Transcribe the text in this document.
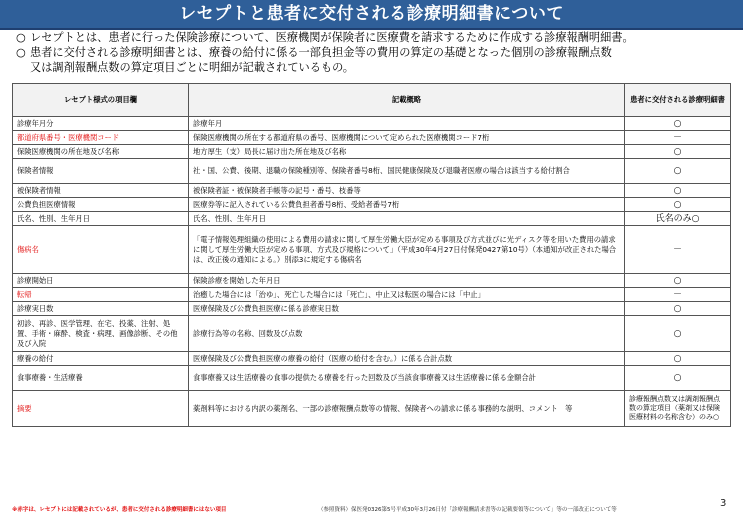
レセプトと患者に交付される診療明細書について
○ レセプトとは、患者に行った保険診療について、医療機関が保険者に医療費を請求するために作成する診療報酬明細書。
○ 患者に交付される診療明細書とは、療養の給付に係る一部負担金等の費用の算定の基礎となった個別の診療報酬点数
又は調剤報酬点数の算定項目ごとに明細が記載されているもの。
レセプト様式の項目欄	記載概略	患者に交付される診療明細書
診療年月分	診療年月	○
都道府県番号・医療機関コード	保険医療機関の所在する都道府県の番号、医療機関について定められた医療機関コード7桁	－
保険医療機関の所在地及び名称	地方厚生（支）局長に届け出た所在地及び名称	○
保険者情報	社・国、公費、後期、退職の保険種別等、保険者番号8桁、国民健康保険及び退職者医療の場合は該当する給付割合	○
被保険者情報	被保険者証・被保険者手帳等の記号・番号、枝番等	○
公費負担医療情報	医療券等に記入されている公費負担者番号8桁、受給者番号7桁	○
氏名、性別、生年月日	氏名、性別、生年月日	氏名のみ○
傷病名	「電子情報処理組織の使用による費用の請求に関して厚生労働大臣が定める事項及び方式並びに光ディスク等を用いた費用の請求に関して厚生労働大臣が定める事項、方式及び規格について」（平成30年4月27日付保発0427第10号）（本通知が改正された場合は、改正後の通知による。）別添3に規定する傷病名	－
診療開始日	保険診療を開始した年月日	○
転帰	治癒した場合には「治ゆ」、死亡した場合には「死亡」、中止又は転医の場合には「中止」	－
診療実日数	医療保険及び公費負担医療に係る診療実日数	○
初診、再診、医学管理、在宅、投薬、注射、処置、手術・麻酔、検査・病理、画像診断、その他及び入院	診療行為等の名称、回数及び点数	○
療養の給付	医療保険及び公費負担医療の療養の給付（医療の給付を含む。）に係る合計点数	○
食事療養・生活療養	食事療養又は生活療養の食事の提供たる療養を行った回数及び当該食事療養又は生活療養に係る金額合計	○
摘要	薬剤料等における内訳の薬剤名、一部の診療報酬点数等の情報、保険者への請求に係る事務的な説明、コメント　等	診療報酬点数又は調剤報酬点数の算定項目（薬剤又は保険医療材料の名称含む）のみ○
※赤字は、レセプトには記載されているが、患者に交付される診療明細書にはない項目	（参照資料）保医発0326第5号平成30年3月26日付「診療報酬請求書等の記載要領等について」等の一部改正について等
3
